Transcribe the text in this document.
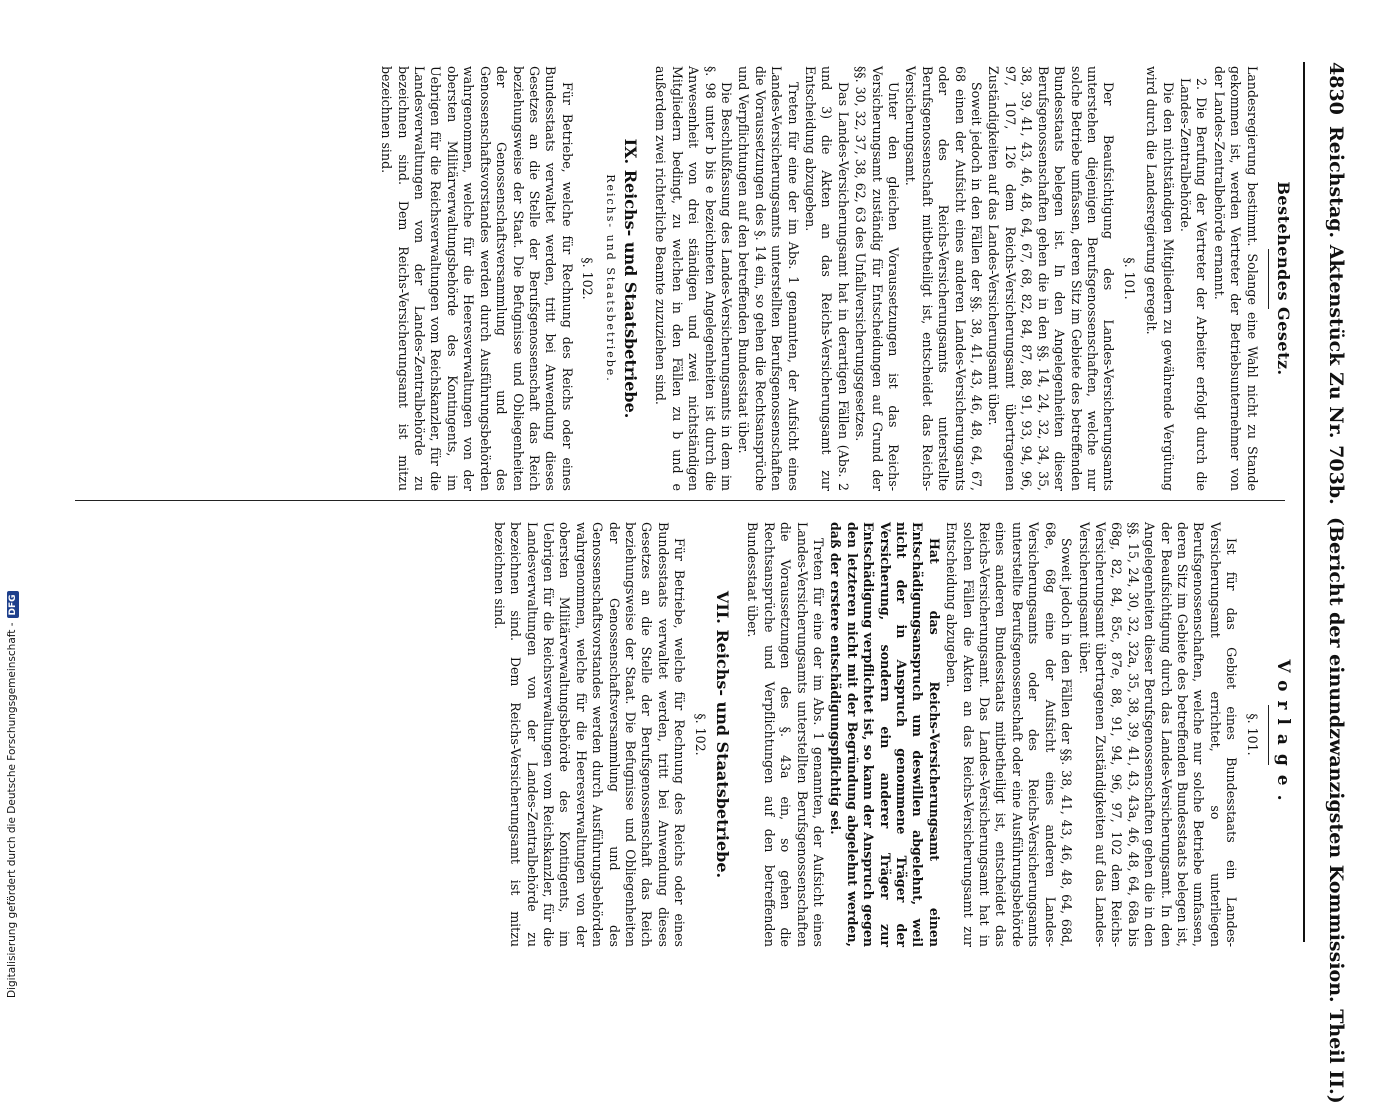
4830
Reichstag. Aktenstück Zu Nr. 703b.
(Bericht der einundzwanzigsten Kommission. Theil II.)
Bestehendes Gesetz.

Landesregierung bestimmt. Solange eine Wahl nicht zu Stande gekommen ist, werden Vertreter der Betriebsunternehmer von der Landes-Zentralbehörde ernannt.

2. Die Berufung der Vertreter der Arbeiter erfolgt durch die Landes-Zentralbehörde.

Die den nichtständigen Mitgliedern zu gewährende Vergütung wird durch die Landesregierung geregelt.

§. 101.

Der Beaufsichtigung des Landes-Versicherungsamts unterstehen diejenigen Berufsgenossenschaften, welche nur solche Betriebe umfassen, deren Sitz im Gebiete des betreffenden Bundesstaats belegen ist. In den Angelegenheiten dieser Berufsgenossenschaften gehen die in den §§. 14, 24, 32, 34, 35, 38, 39, 41, 43, 46, 48, 64, 67, 68, 82, 84, 87, 88, 91, 93, 94, 96, 97, 107, 126 dem Reichs-Versicherungsamt übertragenen Zuständigkeiten auf das Landes-Versicherungsamt über.

Soweit jedoch in den Fällen der §§. 38, 41, 43, 46, 48, 64, 67, 68 einen der Aufsicht eines anderen Landes-Versicherungsamts oder des Reichs-Versicherungsamts unterstellte Berufsgenossenschaft mitbetheiligt ist, entscheidet das Reichs-Versicherungsamt.

Unter den gleichen Voraussetzungen ist das Reichs-Versicherungsamt zuständig für Entscheidungen auf Grund der §§. 30, 32, 37, 38, 62, 63 des Unfallversicherungsgesetzes.

Das Landes-Versicherungsamt hat in derartigen Fällen (Abs. 2 und 3) die Akten an das Reichs-Versicherungsamt zur Entscheidung abzugeben.

Treten für eine der im Abs. 1 genannten, der Aufsicht eines Landes-Versicherungsamts unterstellten Berufsgenossenschaften die Voraussetzungen des §. 14 ein, so gehen die Rechtsansprüche und Verpflichtungen auf den betreffenden Bundesstaat über.

Die Beschlußfassung des Landes-Versicherungsamts in dem im §. 98 unter b bis e bezeichneten Angelegenheiten ist durch die Anwesenheit von drei ständigen und zwei nichtständigen Mitgliedern bedingt, zu welchen in den Fällen zu b und e außerdem zwei richterliche Beamte zuzuziehen sind.

IX. Reichs- und Staatsbetriebe.
Reichs- und Staatsbetriebe.
§. 102.

Für Betriebe, welche für Rechnung des Reichs oder eines Bundesstaats verwaltet werden, tritt bei Anwendung dieses Gesetzes an die Stelle der Berufsgenossenschaft das Reich beziehungsweise der Staat. Die Befugnisse und Obliegenheiten der Genossenschaftsversammlung und des Genossenschaftsvorstandes werden durch Ausführungsbehörden wahrgenommen, welche für die Heeresverwaltungen von der obersten Militärverwaltungsbehörde des Kontingents, im Uebrigen für die Reichsverwaltungen vom Reichskanzler, für die Landesverwaltungen von der Landes-Zentralbehörde zu bezeichnen sind. Dem Reichs-Versicherungsamt ist mitzu bezeichnen sind.

Vorlage.
§. 101.

Ist für das Gebiet eines Bundesstaats ein Landes-Versicherungsamt errichtet, so unterliegen Berufsgenossenschaften, welche nur solche Betriebe umfassen, deren Sitz im Gebiete des betreffenden Bundesstaats belegen ist, der Beaufsichtigung durch das Landes-Versicherungsamt. In den Angelegenheiten dieser Berufsgenossenschaften gehen die in den §§. 15, 24, 30, 32, 32a, 35, 38, 39, 41, 43, 43a, 46, 48, 64, 68a bis 68g, 82, 84, 85c, 87e, 88, 91, 94, 96, 97, 102 dem Reichs-Versicherungsamt übertragenen Zuständigkeiten auf das Landes-Versicherungsamt über.

Soweit jedoch in den Fällen der §§. 38, 41, 43, 46, 48, 64, 68d, 68e, 68g eine der Aufsicht eines anderen Landes-Versicherungsamts oder des Reichs-Versicherungsamts unterstellte Berufsgenossenschaft oder eine Ausführungsbehörde eines anderen Bundesstaats mitbetheiligt ist, entscheidet das Reichs-Versicherungsamt. Das Landes-Versicherungsamt hat in solchen Fällen die Akten an das Reichs-Versicherungsamt zur Entscheidung abzugeben.

Hat das Reichs-Versicherungsamt einen Entschädigungsanspruch um deswillen abgelehnt, weil nicht der in Anspruch genommene Träger der Versicherung, sondern ein anderer Träger zur Entschädigung verpflichtet ist, so kann der Anspruch gegen den letzteren nicht mit der Begründung abgelehnt werden, daß der erstere entschädigungspflichtig sei.

Treten für eine der im Abs. 1 genannten, der Aufsicht eines Landes-Versicherungsamts unterstellten Berufsgenossenschaften die Voraussetzungen des §. 43a ein, so gehen die Rechtsansprüche und Verpflichtungen auf den betreffenden Bundesstaat über.

VII. Reichs- und Staatsbetriebe.
§. 102.

Für Betriebe, welche für Rechnung des Reichs oder eines Bundesstaats verwaltet werden, tritt bei Anwendung dieses Gesetzes an die Stelle der Berufsgenossenschaft das Reich beziehungsweise der Staat. Die Befugnisse und Obliegenheiten der Genossenschaftsversammlung und des Genossenschaftsvorstandes werden durch Ausführungsbehörden wahrgenommen, welche für die Heeresverwaltungen von der obersten Militärverwaltungsbehörde des Kontingents, im Uebrigen für die Reichsverwaltungen vom Reichskanzler, für die Landesverwaltungen von der Landes-Zentralbehörde zu bezeichnen sind. Dem Reichs-Versicherungsamt ist mitzu bezeichnen sind.

Digitalisierung gefördert durch die Deutsche Forschungsgemeinschaft -DFG
